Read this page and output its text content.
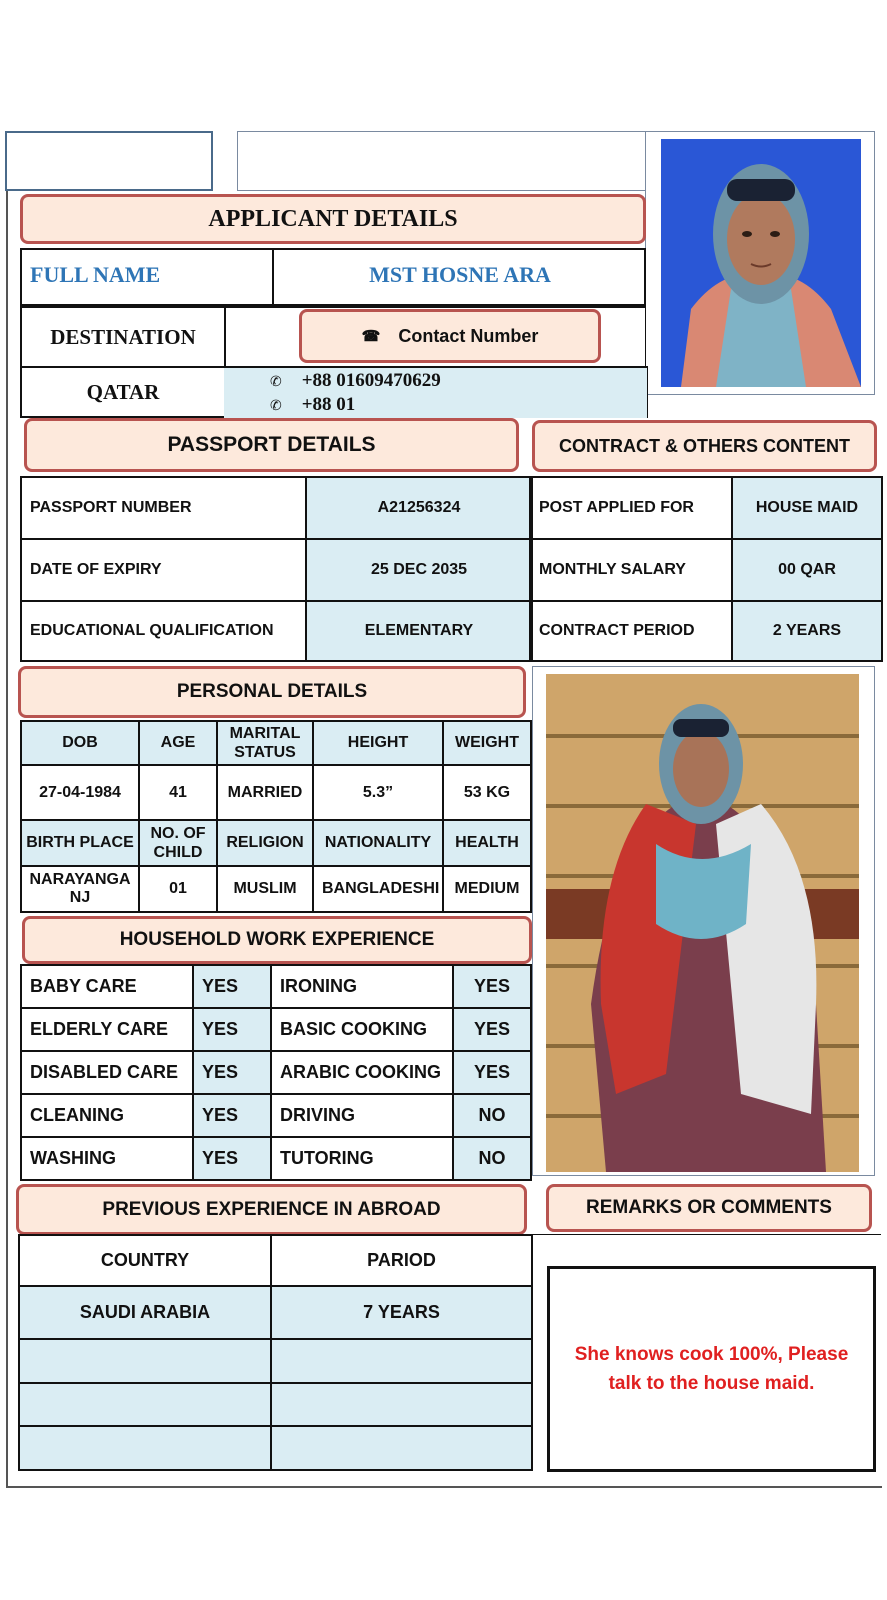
APPLICANT DETAILS
FULL NAME	MST HOSNE ARA
DESTINATION	☎ Contact Number
QATAR	✆ +88 01609470629
✆ +88 01
PASSPORT DETAILS	CONTRACT & OTHERS CONTENT
PASSPORT NUMBER	A21256324
DATE OF EXPIRY	25 DEC 2035
EDUCATIONAL QUALIFICATION	ELEMENTARY
POST APPLIED FOR	HOUSE MAID
MONTHLY SALARY	00 QAR
CONTRACT PERIOD	2 YEARS
PERSONAL DETAILS
DOB	AGE	MARITAL STATUS	HEIGHT	WEIGHT
27-04-1984	41	MARRIED	5.3”	53 KG
BIRTH PLACE	NO. OF CHILD	RELIGION	NATIONALITY	HEALTH
NARAYANGANJ	01	MUSLIM	BANGLADESHI	MEDIUM
HOUSEHOLD WORK EXPERIENCE
BABY CARE	YES	IRONING	YES
ELDERLY CARE	YES	BASIC COOKING	YES
DISABLED CARE	YES	ARABIC COOKING	YES
CLEANING	YES	DRIVING	NO
WASHING	YES	TUTORING	NO
PREVIOUS EXPERIENCE IN ABROAD	REMARKS OR COMMENTS
COUNTRY	PARIOD
SAUDI ARABIA	7 YEARS

She knows cook 100%, Please talk to the house maid.
